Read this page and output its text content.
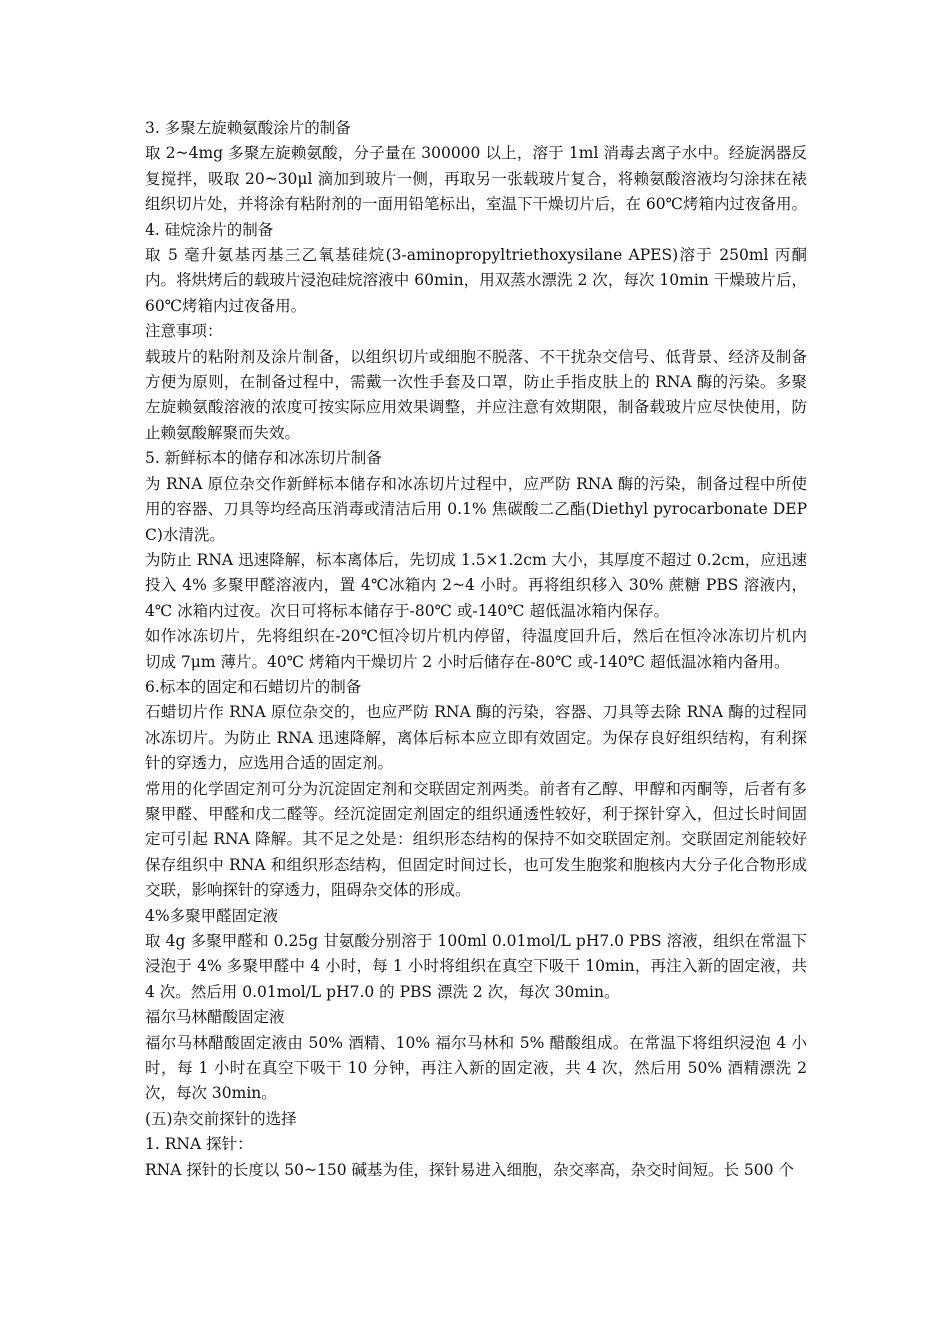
3. 多聚左旋赖氨酸涂片的制备

取 2~4mg 多聚左旋赖氨酸，分子量在 300000 以上，溶于 1ml 消毒去离子水中。经旋涡器反复搅拌，吸取 20~30μl 滴加到玻片一侧，再取另一张载玻片复合，将赖氨酸溶液均匀涂抹在裱组织切片处，并将涂有粘附剂的一面用铅笔标出，室温下干燥切片后，在 60℃烤箱内过夜备用。

4. 硅烷涂片的制备

取 5 毫升氨基丙基三乙氧基硅烷(3-aminopropyltriethoxysilane APES)溶于 250ml 丙酮内。将烘烤后的载玻片浸泡硅烷溶液中 60min，用双蒸水漂洗 2 次，每次 10min 干燥玻片后，60℃烤箱内过夜备用。

注意事项：

载玻片的粘附剂及涂片制备，以组织切片或细胞不脱落、不干扰杂交信号、低背景、经济及制备方便为原则，在制备过程中，需戴一次性手套及口罩，防止手指皮肤上的 RNA 酶的污染。多聚左旋赖氨酸溶液的浓度可按实际应用效果调整，并应注意有效期限，制备载玻片应尽快使用，防止赖氨酸解聚而失效。

5. 新鲜标本的储存和冰冻切片制备

为 RNA 原位杂交作新鲜标本储存和冰冻切片过程中，应严防 RNA 酶的污染，制备过程中所使用的容器、刀具等均经高压消毒或清洁后用 0.1% 焦碳酸二乙酯(Diethyl pyrocarbonate DEPC)水清洗。

为防止 RNA 迅速降解，标本离体后，先切成 1.5×1.2cm 大小，其厚度不超过 0.2cm，应迅速投入 4% 多聚甲醛溶液内，置 4℃冰箱内 2~4 小时。再将组织移入 30% 蔗糖 PBS 溶液内，4℃ 冰箱内过夜。次日可将标本储存于-80℃ 或-140℃ 超低温冰箱内保存。

如作冰冻切片，先将组织在-20℃恒冷切片机内停留，待温度回升后，然后在恒冷冰冻切片机内切成 7μm 薄片。40℃ 烤箱内干燥切片 2 小时后储存在-80℃ 或-140℃ 超低温冰箱内备用。

6.标本的固定和石蜡切片的制备

石蜡切片作 RNA 原位杂交的，也应严防 RNA 酶的污染，容器、刀具等去除 RNA 酶的过程同冰冻切片。为防止 RNA 迅速降解，离体后标本应立即有效固定。为保存良好组织结构，有利探针的穿透力，应选用合适的固定剂。

常用的化学固定剂可分为沉淀固定剂和交联固定剂两类。前者有乙醇、甲醇和丙酮等，后者有多聚甲醛、甲醛和戊二醛等。经沉淀固定剂固定的组织通透性较好，利于探针穿入，但过长时间固定可引起 RNA 降解。其不足之处是：组织形态结构的保持不如交联固定剂。交联固定剂能较好保存组织中 RNA 和组织形态结构，但固定时间过长，也可发生胞浆和胞核内大分子化合物形成交联，影响探针的穿透力，阻碍杂交体的形成。

4%多聚甲醛固定液

取 4g 多聚甲醛和 0.25g 甘氨酸分别溶于 100ml 0.01mol/L pH7.0 PBS 溶液，组织在常温下浸泡于 4% 多聚甲醛中 4 小时，每 1 小时将组织在真空下吸干 10min，再注入新的固定液，共 4 次。然后用 0.01mol/L pH7.0 的 PBS 漂洗 2 次，每次 30min。

福尔马林醋酸固定液

福尔马林醋酸固定液由 50% 酒精、10% 福尔马林和 5% 醋酸组成。在常温下将组织浸泡 4 小时，每 1 小时在真空下吸干 10 分钟，再注入新的固定液，共 4 次，然后用 50% 酒精漂洗 2 次，每次 30min。

(五)杂交前探针的选择

1. RNA 探针：

RNA 探针的长度以 50~150 碱基为佳，探针易进入细胞，杂交率高，杂交时间短。长 500 个
